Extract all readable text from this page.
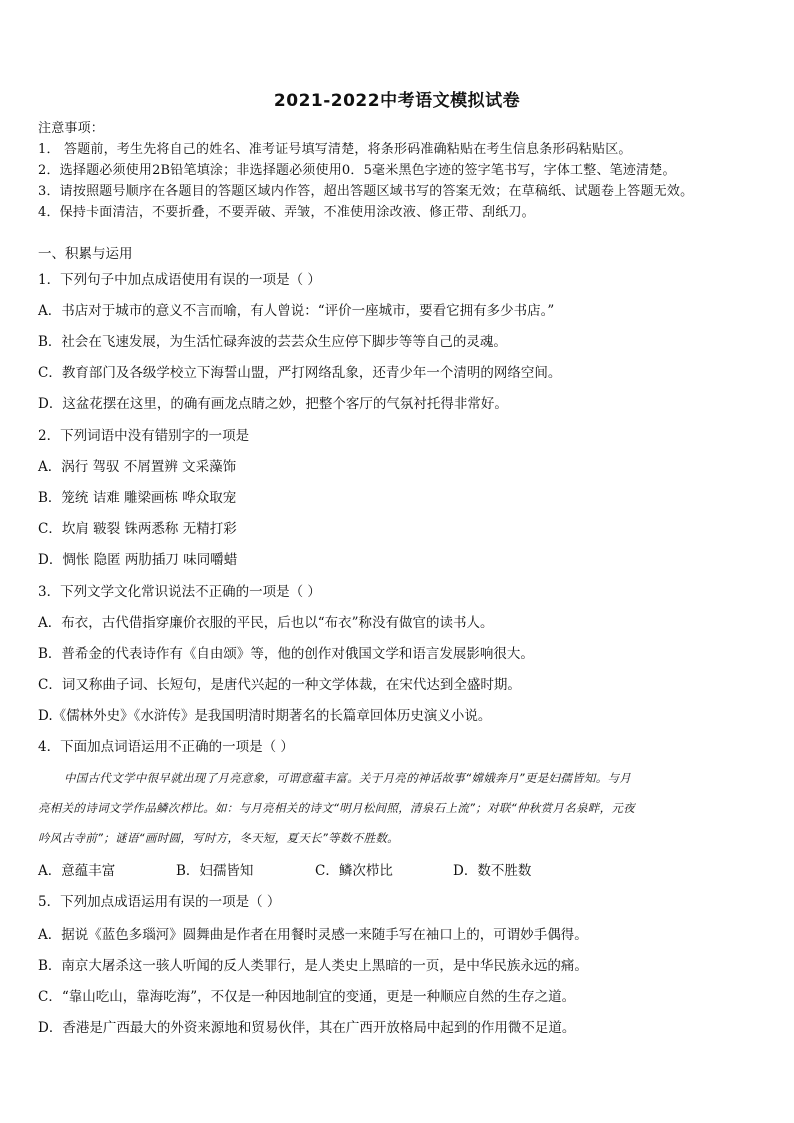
2021-2022中考语文模拟试卷
注意事项：
1． 答题前，考生先将自己的姓名、准考证号填写清楚，将条形码准确粘贴在考生信息条形码粘贴区。
2．选择题必须使用2B铅笔填涂；非选择题必须使用0．5毫米黑色字迹的签字笔书写，字体工整、笔迹清楚。
3．请按照题号顺序在各题目的答题区域内作答，超出答题区域书写的答案无效；在草稿纸、试题卷上答题无效。
4．保持卡面清洁，不要折叠，不要弄破、弄皱，不准使用涂改液、修正带、刮纸刀。
一、积累与运用
1．下列句子中加点成语使用有误的一项是（ ）
A．书店对于城市的意义不言而喻，有人曾说：“评价一座城市，要看它拥有多少书店。”
B．社会在飞速发展，为生活忙碌奔波的芸芸众生应停下脚步等等自己的灵魂。
C．教育部门及各级学校立下海誓山盟，严打网络乱象，还青少年一个清明的网络空间。
D．这盆花摆在这里，的确有画龙点睛之妙，把整个客厅的气氛衬托得非常好。
2．下列词语中没有错别字的一项是
A．涡行 驾驭 不屑置辨 文采藻饰
B．笼统 诘难 雕梁画栋 哗众取宠
C．坎肩 皲裂 铢两悉称 无精打彩
D．惆怅 隐匿 两肋插刀 味同嚼蜡
3．下列文学文化常识说法不正确的一项是（ ）
A．布衣，古代借指穿廉价衣服的平民，后也以“布衣”称没有做官的读书人。
B．普希金的代表诗作有《自由颂》等，他的创作对俄国文学和语言发展影响很大。
C．词又称曲子词、长短句，是唐代兴起的一种文学体裁，在宋代达到全盛时期。
D.《儒林外史》《水浒传》是我国明清时期著名的长篇章回体历史演义小说。
4．下面加点词语运用不正确的一项是（ ）
中国古代文学中很早就出现了月亮意象，可谓意蕴丰富。关于月亮的神话故事“嫦娥奔月”更是妇孺皆知。与月
亮相关的诗词文学作品鳞次栉比。如：与月亮相关的诗文“明月松间照，清泉石上流”；对联“仲秋赏月名泉畔，元夜
吟风古寺前”；谜语“画时圆，写时方，冬天短，夏天长”等数不胜数。
A．意蕴丰富	B．妇孺皆知	C．鳞次栉比	D．数不胜数
5．下列加点成语运用有误的一项是（ ）
A．据说《蓝色多瑙河》圆舞曲是作者在用餐时灵感一来随手写在袖口上的，可谓妙手偶得。
B．南京大屠杀这一骇人听闻的反人类罪行，是人类史上黑暗的一页，是中华民族永远的痛。
C．“靠山吃山，靠海吃海”，不仅是一种因地制宜的变通，更是一种顺应自然的生存之道。
D．香港是广西最大的外资来源地和贸易伙伴，其在广西开放格局中起到的作用微不足道。
